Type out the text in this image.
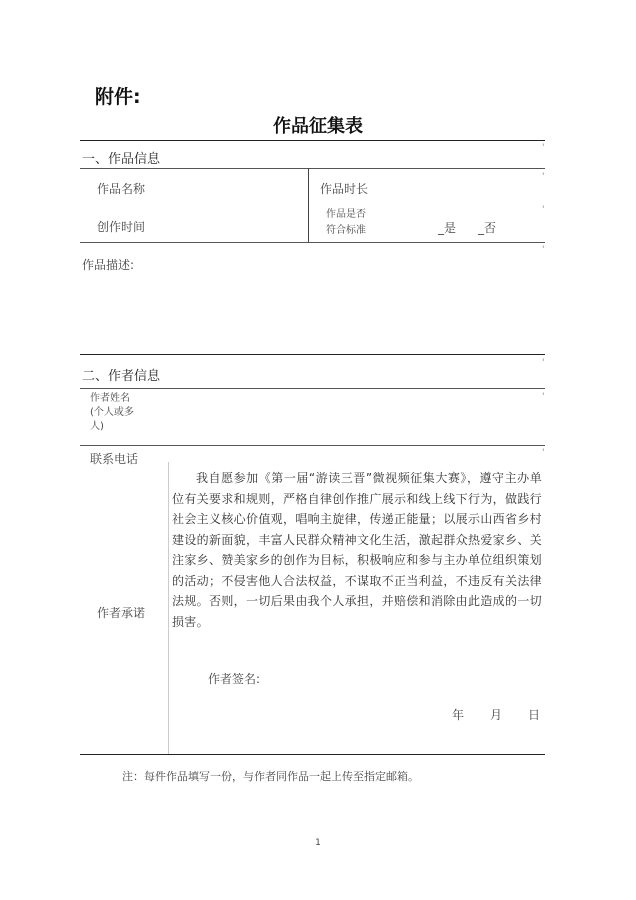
附件:
作品征集表
'
'
'
'
'
'
'
一、作品信息
作品名称	作品时长
创作时间
作品是否
符合标准	_是 _否
作品描述:
二、作者信息
作者姓名
(个人或多
人)
联系电话
作者承诺
我自愿参加《第一届“游读三晋”微视频征集大赛》，遵守主办单位有关要求和规则，严格自律创作推广展示和线上线下行为，做践行社会主义核心价值观，唱响主旋律，传递正能量；以展示山西省乡村建设的新面貌，丰富人民群众精神文化生活，激起群众热爱家乡、关注家乡、赞美家乡的创作为目标，积极响应和参与主办单位组织策划的活动；不侵害他人合法权益，不谋取不正当利益，不违反有关法律法规。否则，一切后果由我个人承担，并赔偿和消除由此造成的一切损害。
作者签名:
年 月 日
注：每件作品填写一份，与作者同作品一起上传至指定邮箱。
1
